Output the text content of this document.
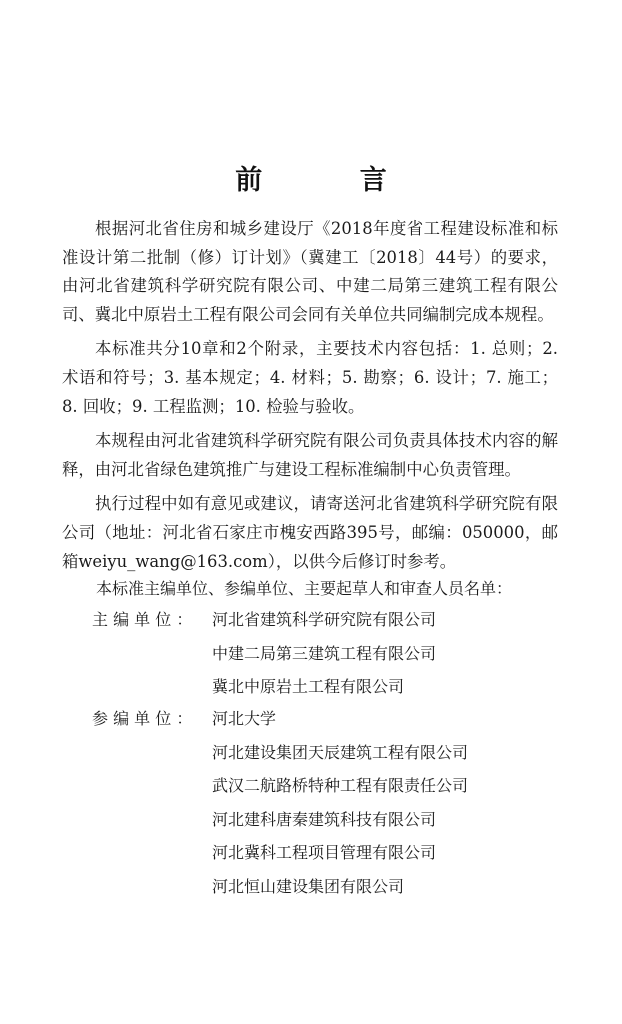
前 言

根据河北省住房和城乡建设厅《2018年度省工程建设标准和标准设计第二批制（修）订计划》（冀建工〔2018〕44号）的要求，由河北省建筑科学研究院有限公司、中建二局第三建筑工程有限公司、冀北中原岩土工程有限公司会同有关单位共同编制完成本规程。

本标准共分10章和2个附录，主要技术内容包括：1. 总则；2. 术语和符号；3. 基本规定；4. 材料；5. 勘察；6. 设计；7. 施工；8. 回收；9. 工程监测；10. 检验与验收。

本规程由河北省建筑科学研究院有限公司负责具体技术内容的解释，由河北省绿色建筑推广与建设工程标准编制中心负责管理。

执行过程中如有意见或建议，请寄送河北省建筑科学研究院有限公司（地址：河北省石家庄市槐安西路395号，邮编：050000，邮箱weiyu_wang@163.com），以供今后修订时参考。

本标准主编单位、参编单位、主要起草人和审查人员名单：
主 编 单 位 ：	河北省建筑科学研究院有限公司
中建二局第三建筑工程有限公司
冀北中原岩土工程有限公司
参 编 单 位 ：	河北大学
河北建设集团天辰建筑工程有限公司
武汉二航路桥特种工程有限责任公司
河北建科唐秦建筑科技有限公司
河北冀科工程项目管理有限公司
河北恒山建设集团有限公司
